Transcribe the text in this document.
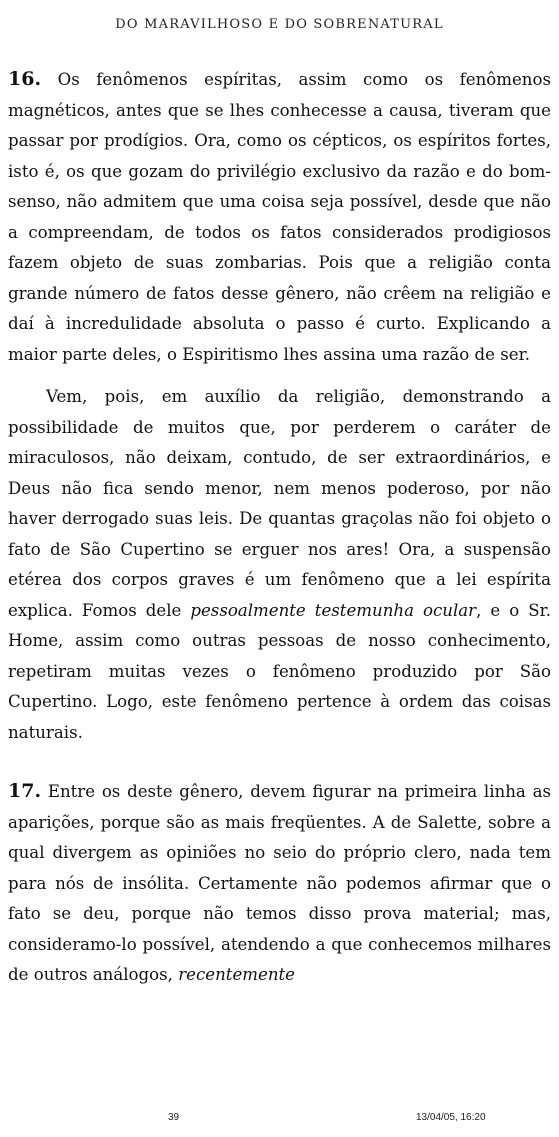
DO MARAVILHOSO E DO SOBRENATURAL

16. Os fenômenos espíritas, assim como os fenômenos magnéticos, antes que se lhes conhecesse a causa, tiveram que passar por prodígios. Ora, como os cépticos, os espíritos fortes, isto é, os que gozam do privilégio exclusivo da razão e do bom-senso, não admitem que uma coisa seja possível, desde que não a compreendam, de todos os fatos considerados prodigiosos fazem objeto de suas zombarias. Pois que a religião conta grande número de fatos desse gênero, não crêem na religião e daí à incredulidade absoluta o passo é curto. Explicando a maior parte deles, o Espiritismo lhes assina uma razão de ser.

Vem, pois, em auxílio da religião, demonstrando a possibilidade de muitos que, por perderem o caráter de miraculosos, não deixam, contudo, de ser extraordinários, e Deus não fica sendo menor, nem menos poderoso, por não haver derrogado suas leis. De quantas graçolas não foi objeto o fato de São Cupertino se erguer nos ares! Ora, a suspensão etérea dos corpos graves é um fenômeno que a lei espírita explica. Fomos dele pessoalmente testemunha ocular, e o Sr. Home, assim como outras pessoas de nosso conhecimento, repetiram muitas vezes o fenômeno produzido por São Cupertino. Logo, este fenômeno pertence à ordem das coisas naturais.

17. Entre os deste gênero, devem figurar na primeira linha as aparições, porque são as mais freqüentes. A de Salette, sobre a qual divergem as opiniões no seio do próprio clero, nada tem para nós de insólita. Certamente não podemos afirmar que o fato se deu, porque não temos disso prova material; mas, consideramo-lo possível, atendendo a que conhecemos milhares de outros análogos, recentemente

39	13/04/05, 16:20
